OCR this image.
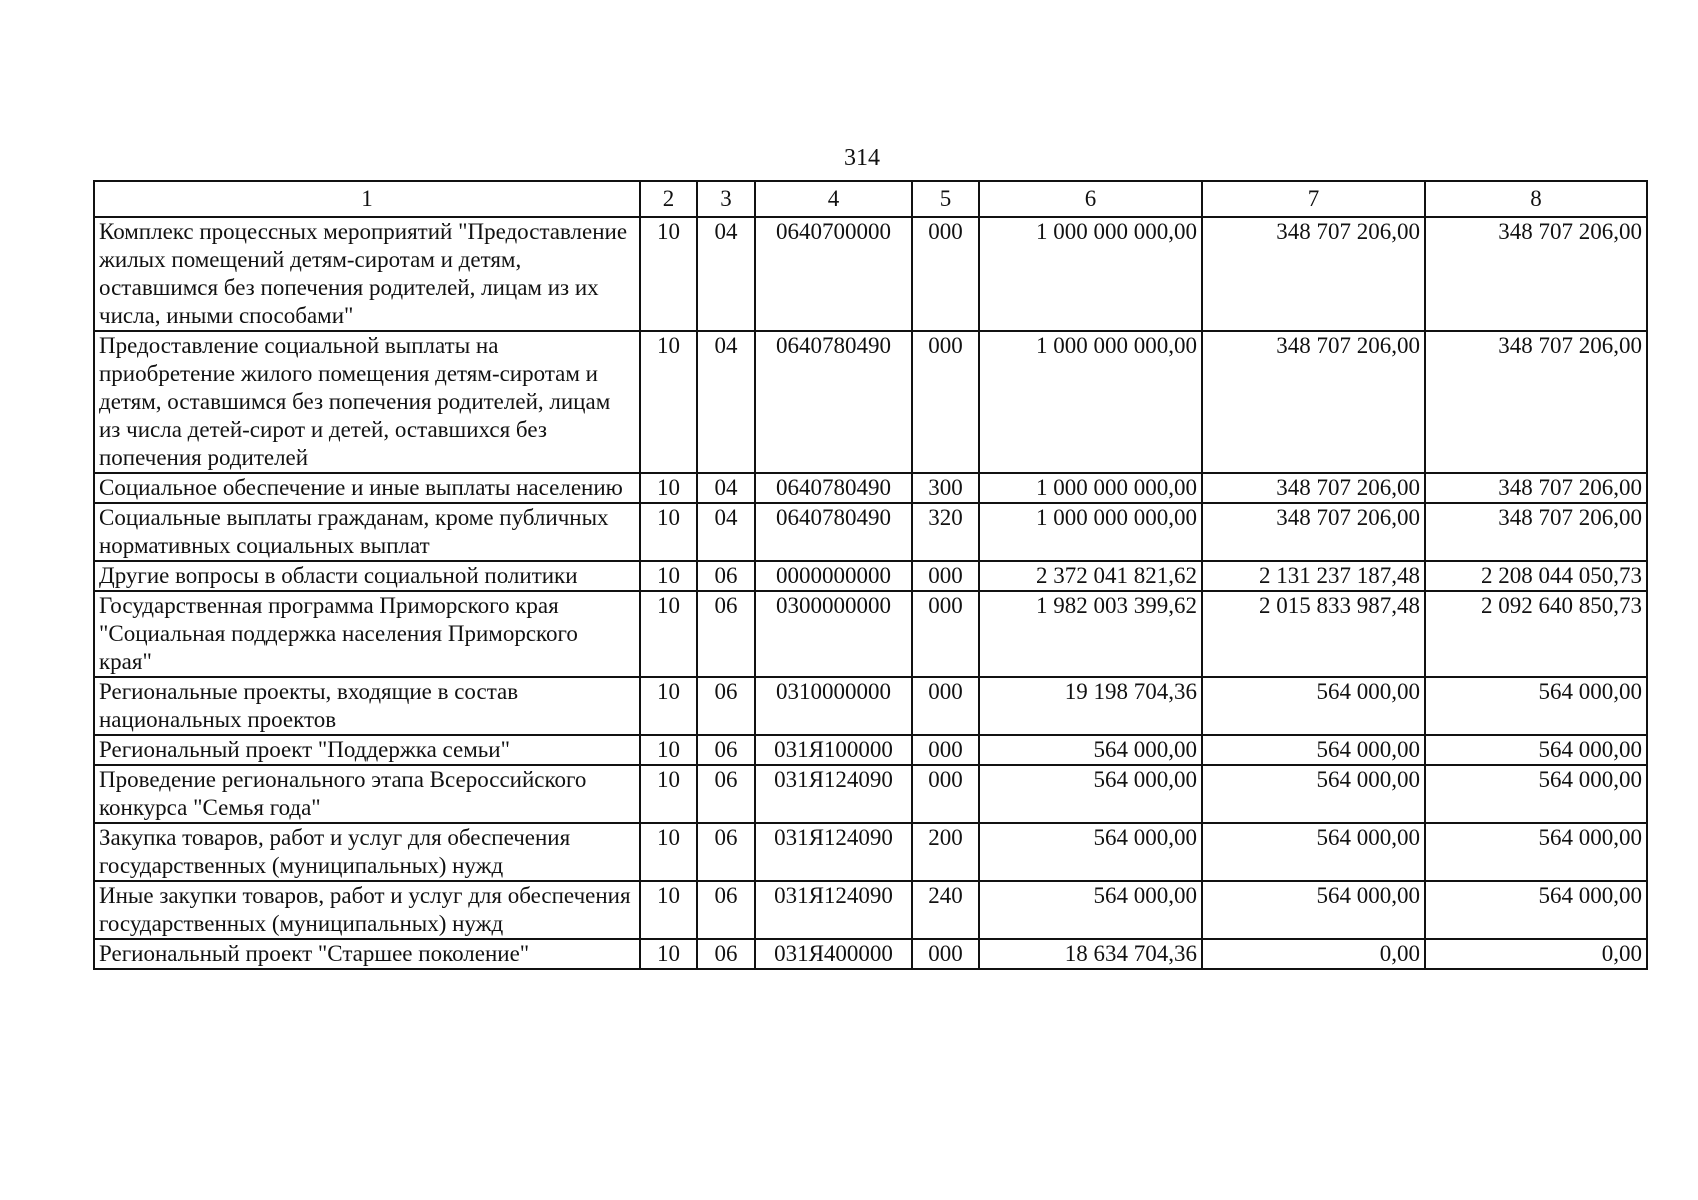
314
1	2	3	4	5	6	7	8
Комплекс процессных мероприятий "Предоставление жилых помещений детям-сиротам и детям, оставшимся без попечения родителей, лицам из их числа, иными способами"	10	04	0640700000	000	1 000 000 000,00	348 707 206,00	348 707 206,00
Предоставление социальной выплаты на приобретение жилого помещения детям-сиротам и детям, оставшимся без попечения родителей, лицам из числа детей-сирот и детей, оставшихся без попечения родителей	10	04	0640780490	000	1 000 000 000,00	348 707 206,00	348 707 206,00
Социальное обеспечение и иные выплаты населению	10	04	0640780490	300	1 000 000 000,00	348 707 206,00	348 707 206,00
Социальные выплаты гражданам, кроме публичных нормативных социальных выплат	10	04	0640780490	320	1 000 000 000,00	348 707 206,00	348 707 206,00
Другие вопросы в области социальной политики	10	06	0000000000	000	2 372 041 821,62	2 131 237 187,48	2 208 044 050,73
Государственная программа Приморского края "Социальная поддержка населения Приморского края"	10	06	0300000000	000	1 982 003 399,62	2 015 833 987,48	2 092 640 850,73
Региональные проекты, входящие в состав национальных проектов	10	06	0310000000	000	19 198 704,36	564 000,00	564 000,00
Региональный проект "Поддержка семьи"	10	06	031Я100000	000	564 000,00	564 000,00	564 000,00
Проведение регионального этапа Всероссийского конкурса "Семья года"	10	06	031Я124090	000	564 000,00	564 000,00	564 000,00
Закупка товаров, работ и услуг для обеспечения государственных (муниципальных) нужд	10	06	031Я124090	200	564 000,00	564 000,00	564 000,00
Иные закупки товаров, работ и услуг для обеспечения государственных (муниципальных) нужд	10	06	031Я124090	240	564 000,00	564 000,00	564 000,00
Региональный проект "Старшее поколение"	10	06	031Я400000	000	18 634 704,36	0,00	0,00
